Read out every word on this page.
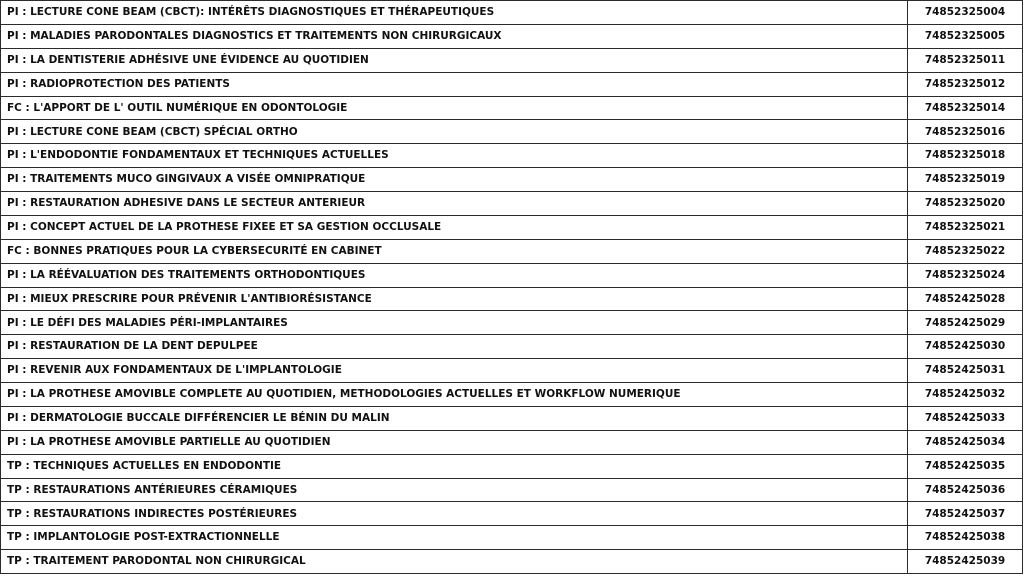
PI : LECTURE CONE BEAM (CBCT): INTÉRÊTS DIAGNOSTIQUES ET THÉRAPEUTIQUES	74852325004
PI : MALADIES PARODONTALES DIAGNOSTICS ET TRAITEMENTS NON CHIRURGICAUX	74852325005
PI : LA DENTISTERIE ADHÉSIVE UNE ÉVIDENCE AU QUOTIDIEN	74852325011
PI : RADIOPROTECTION DES PATIENTS	74852325012
FC : L'APPORT DE L' OUTIL NUMÉRIQUE EN ODONTOLOGIE	74852325014
PI : LECTURE CONE BEAM (CBCT) SPÉCIAL ORTHO	74852325016
PI : L'ENDODONTIE FONDAMENTAUX ET TECHNIQUES ACTUELLES	74852325018
PI : TRAITEMENTS MUCO GINGIVAUX A VISÉE OMNIPRATIQUE	74852325019
PI : RESTAURATION ADHESIVE DANS LE SECTEUR ANTERIEUR	74852325020
PI : CONCEPT ACTUEL DE LA PROTHESE FIXEE ET SA GESTION OCCLUSALE	74852325021
FC : BONNES PRATIQUES POUR LA CYBERSECURITÉ EN CABINET	74852325022
PI : LA RÉÉVALUATION DES TRAITEMENTS ORTHODONTIQUES	74852325024
PI : MIEUX PRESCRIRE POUR PRÉVENIR L'ANTIBIORÉSISTANCE	74852425028
PI : LE DÉFI DES MALADIES PÉRI-IMPLANTAIRES	74852425029
PI : RESTAURATION DE LA DENT DEPULPEE	74852425030
PI : REVENIR AUX FONDAMENTAUX DE L'IMPLANTOLOGIE	74852425031
PI : LA PROTHESE AMOVIBLE COMPLETE AU QUOTIDIEN, METHODOLOGIES ACTUELLES ET WORKFLOW NUMERIQUE	74852425032
PI : DERMATOLOGIE BUCCALE DIFFÉRENCIER LE BÉNIN DU MALIN	74852425033
PI : LA PROTHESE AMOVIBLE PARTIELLE AU QUOTIDIEN	74852425034
TP : TECHNIQUES ACTUELLES EN ENDODONTIE	74852425035
TP : RESTAURATIONS ANTÉRIEURES CÉRAMIQUES	74852425036
TP : RESTAURATIONS INDIRECTES POSTÉRIEURES	74852425037
TP : IMPLANTOLOGIE POST-EXTRACTIONNELLE	74852425038
TP : TRAITEMENT PARODONTAL NON CHIRURGICAL	74852425039
